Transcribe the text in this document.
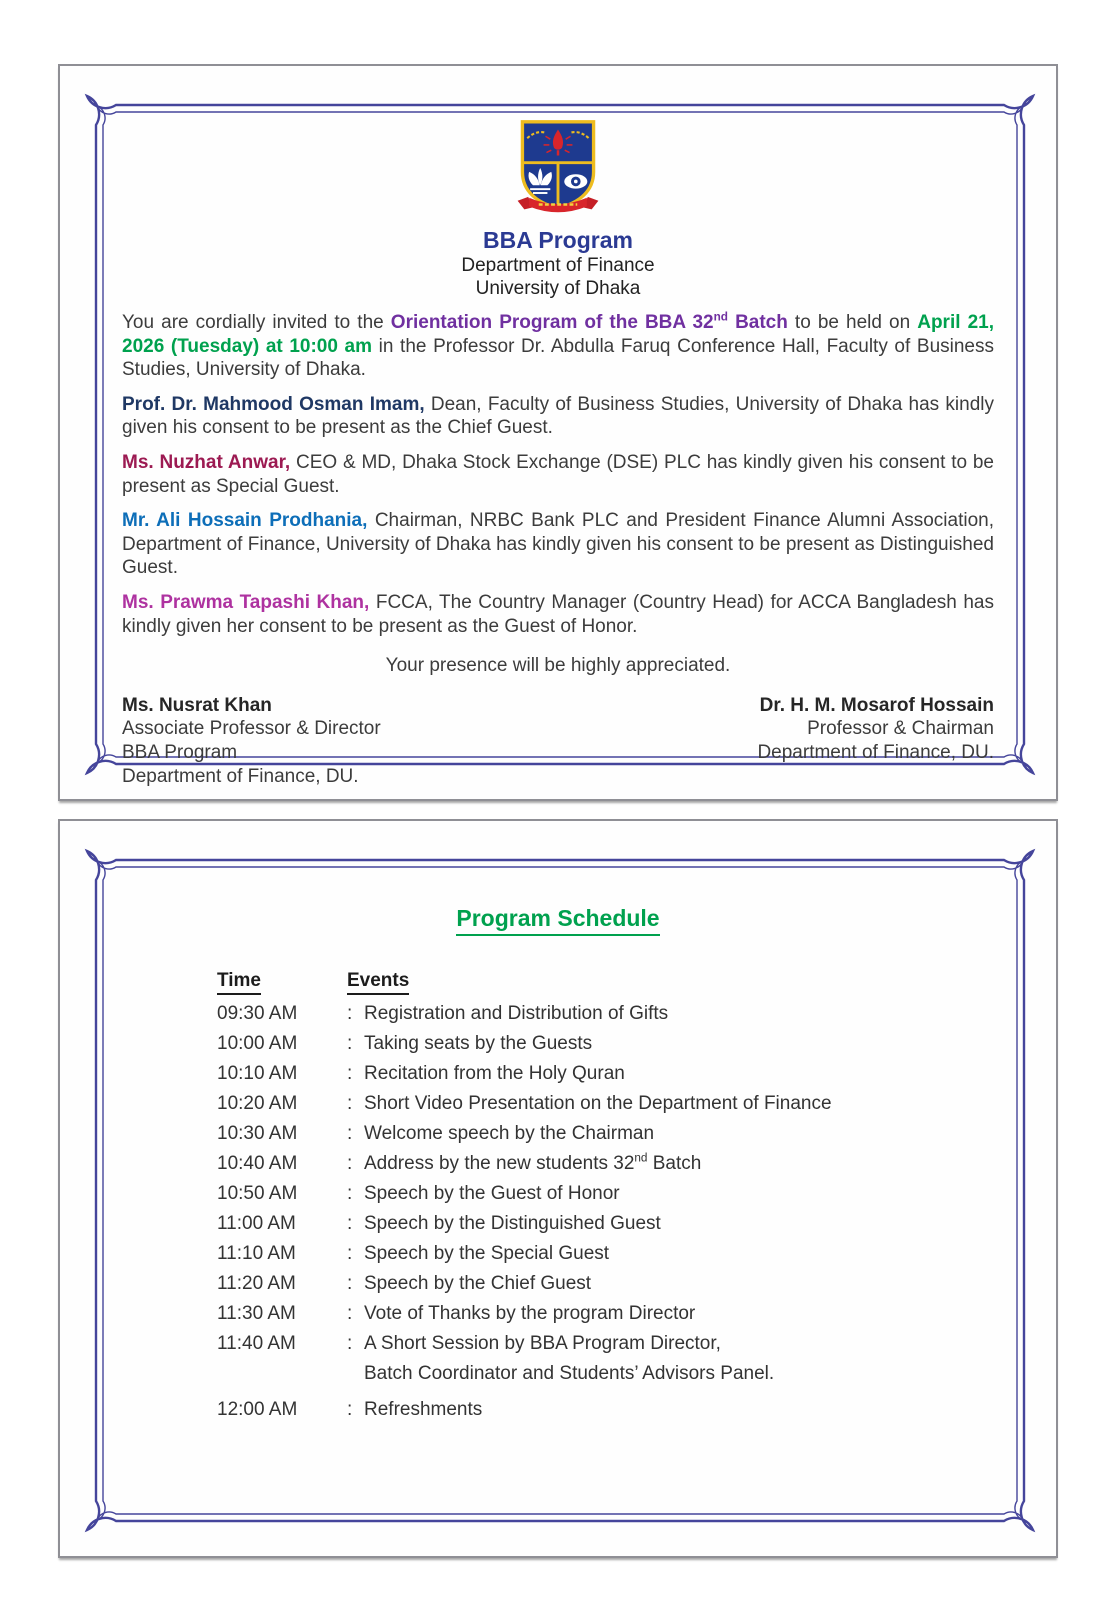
BBA Program
Department of Finance
University of Dhaka

You are cordially invited to the Orientation Program of the BBA 32nd Batch to be held on April 21, 2026 (Tuesday) at 10:00 am in the Professor Dr. Abdulla Faruq Conference Hall, Faculty of Business Studies, University of Dhaka.

Prof. Dr. Mahmood Osman Imam, Dean, Faculty of Business Studies, University of Dhaka has kindly given his consent to be present as the Chief Guest.

Ms. Nuzhat Anwar, CEO & MD, Dhaka Stock Exchange (DSE) PLC has kindly given his consent to be present as Special Guest.

Mr. Ali Hossain Prodhania, Chairman, NRBC Bank PLC and President Finance Alumni Association, Department of Finance, University of Dhaka has kindly given his consent to be present as Distinguished Guest.

Ms. Prawma Tapashi Khan, FCCA, The Country Manager (Country Head) for ACCA Bangladesh has kindly given her consent to be present as the Guest of Honor.

Your presence will be highly appreciated.

Ms. Nusrat Khan
Associate Professor & Director
BBA Program
Department of Finance, DU.
Dr. H. M. Mosarof Hossain
Professor & Chairman
Department of Finance, DU.
Program Schedule
Time	Events
09:30 AM	: Registration and Distribution of Gifts
10:00 AM	: Taking seats by the Guests
10:10 AM	: Recitation from the Holy Quran
10:20 AM	: Short Video Presentation on the Department of Finance
10:30 AM	: Welcome speech by the Chairman
10:40 AM	: Address by the new students 32nd Batch
10:50 AM	: Speech by the Guest of Honor
11:00 AM	: Speech by the Distinguished Guest
11:10 AM	: Speech by the Special Guest
11:20 AM	: Speech by the Chief Guest
11:30 AM	: Vote of Thanks by the program Director
11:40 AM	: A Short Session by BBA Program Director,
Batch Coordinator and Students’ Advisors Panel.
12:00 AM	: Refreshments
